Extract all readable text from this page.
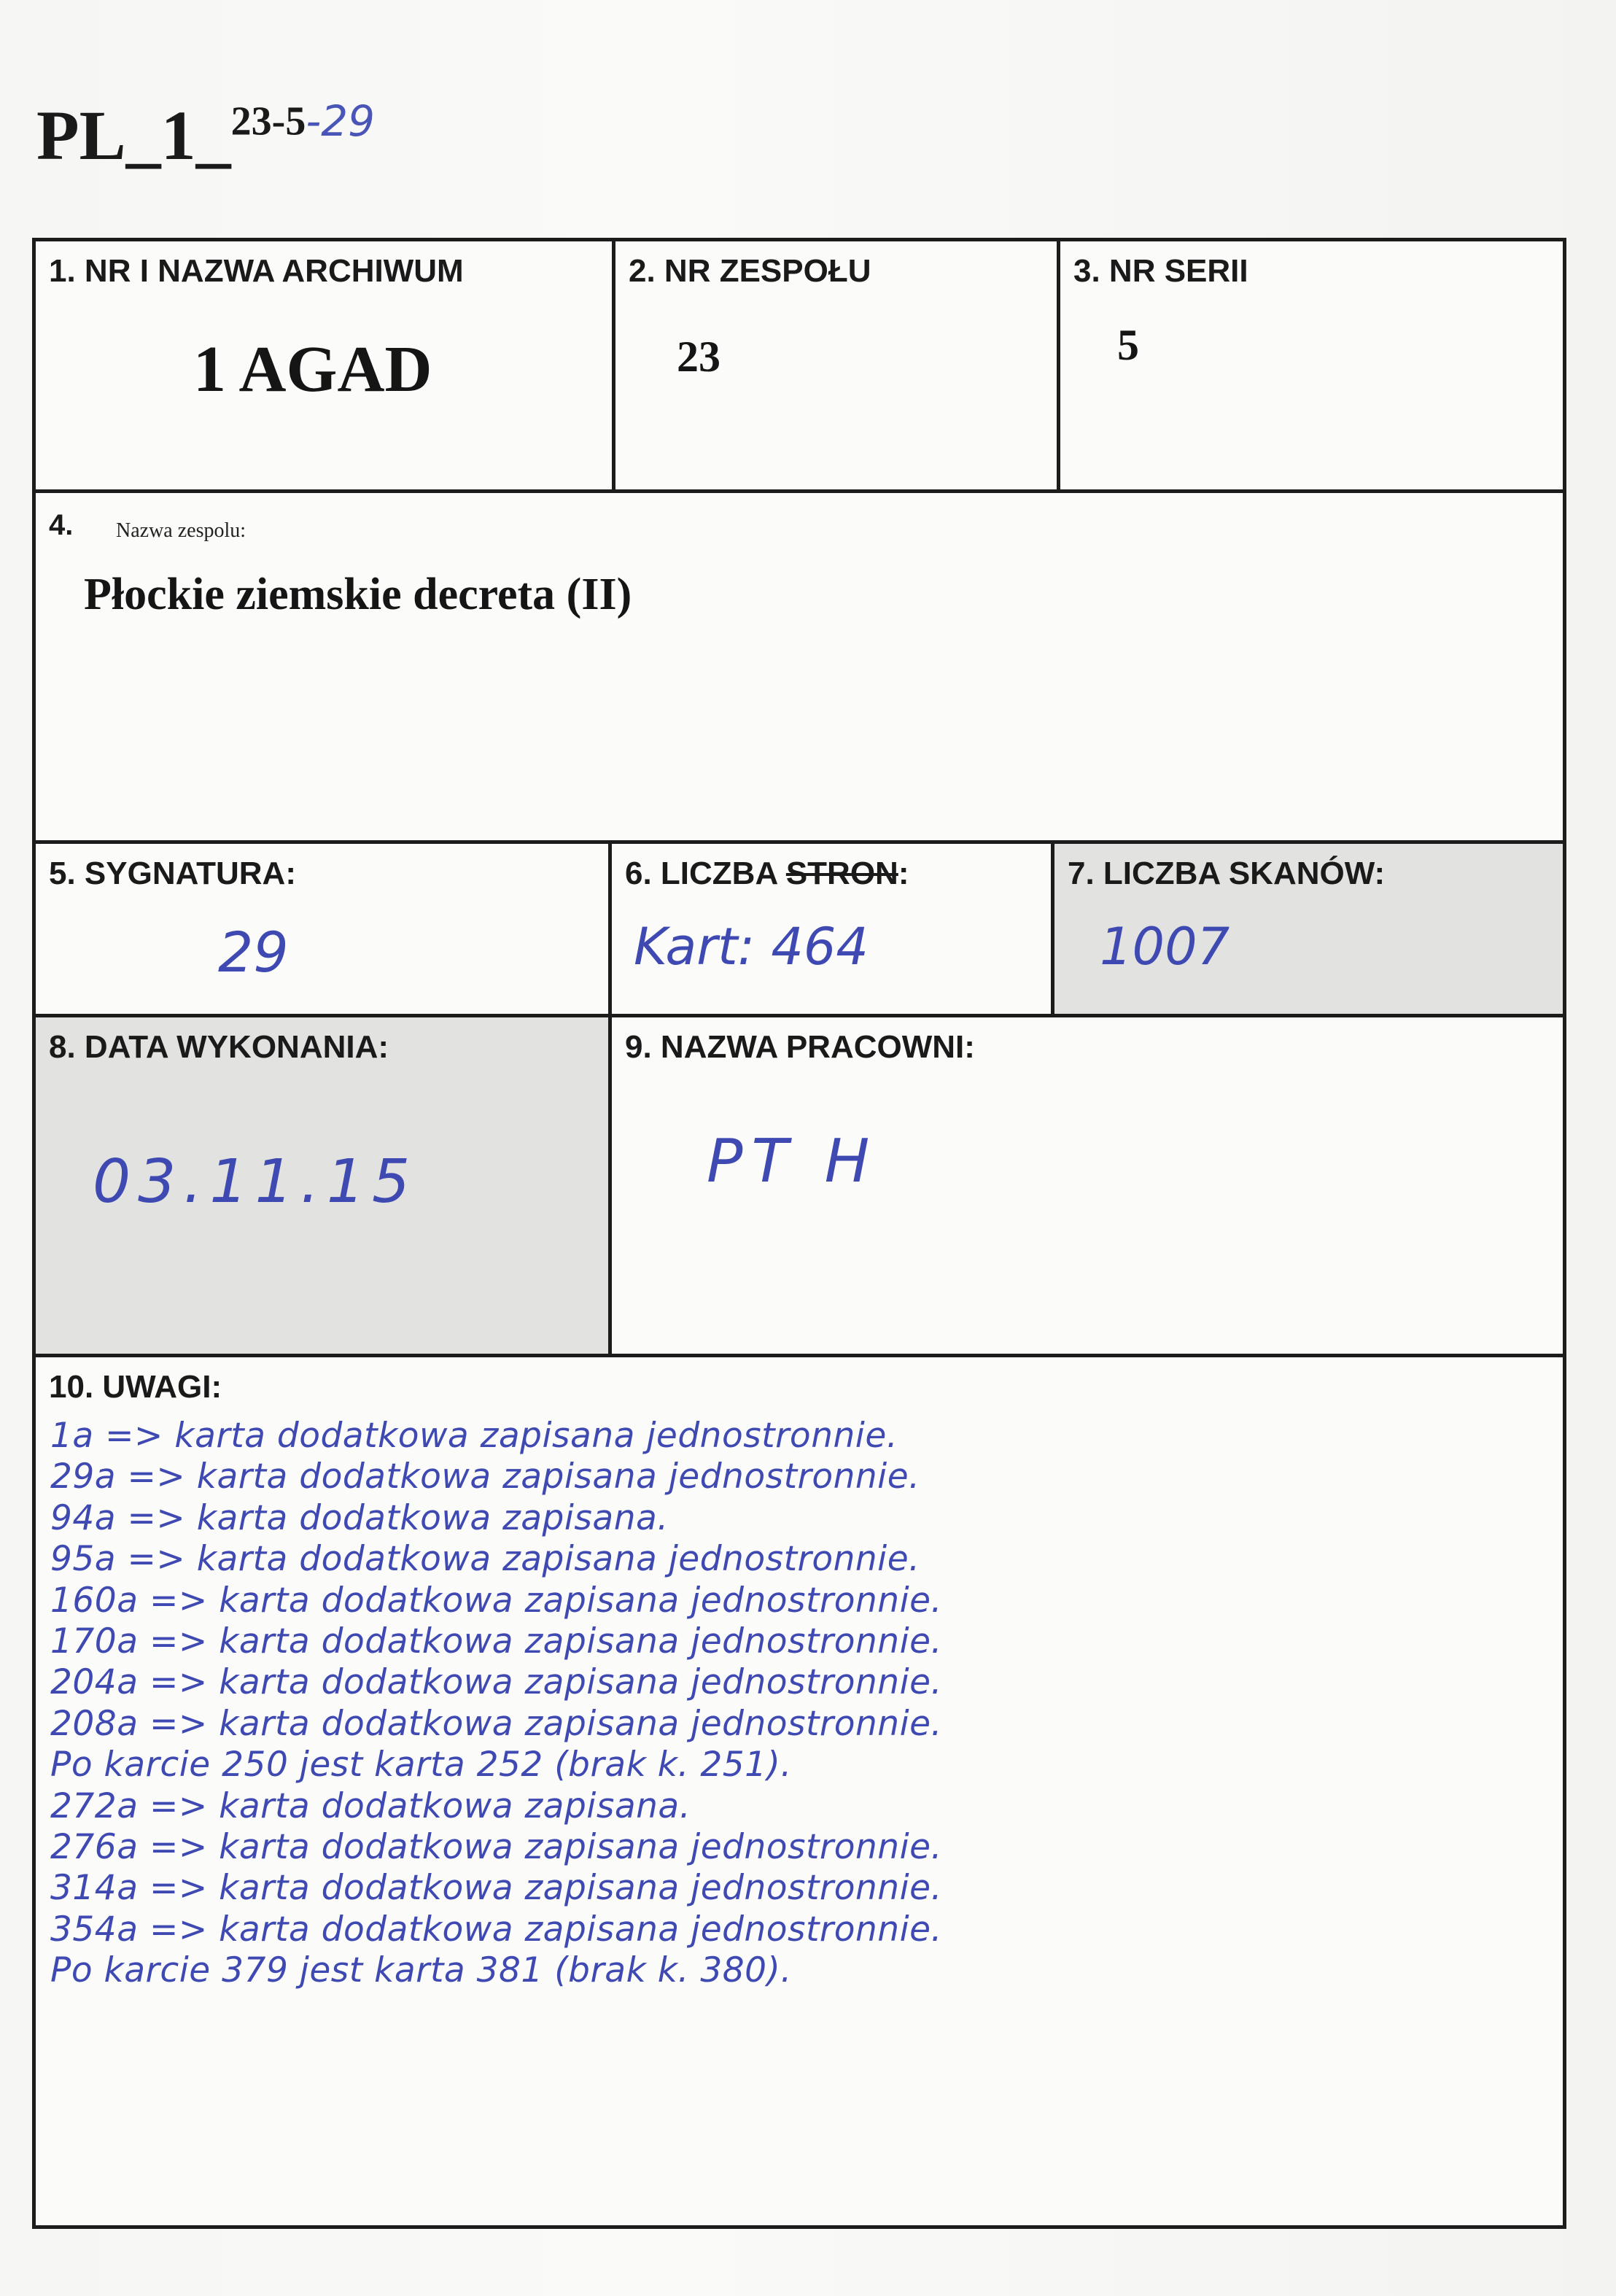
PL_1_$^{23-5-29}$
1. NR I NAZWA ARCHIWUM
1 AGAD
2. NR ZESPOŁU
23
3. NR SERII
5
4. Nazwa zespolu:
Płockie ziemskie decreta (II)
5. SYGNATURA:
29
6. LICZBA STRON:
Kart: 464
7. LICZBA SKANÓW:
1007
8. DATA WYKONANIA:
03.11.15
9. NAZWA PRACOWNI:
PT H
10. UWAGI:
1a => karta dodatkowa zapisana jednostronnie.
29a => karta dodatkowa zapisana jednostronnie.
94a => karta dodatkowa zapisana.
95a => karta dodatkowa zapisana jednostronnie.
160a => karta dodatkowa zapisana jednostronnie.
170a => karta dodatkowa zapisana jednostronnie.
204a => karta dodatkowa zapisana jednostronnie.
208a => karta dodatkowa zapisana jednostronnie.
Po karcie 250 jest karta 252 (brak k. 251).
272a => karta dodatkowa zapisana.
276a => karta dodatkowa zapisana jednostronnie.
314a => karta dodatkowa zapisana jednostronnie.
354a => karta dodatkowa zapisana jednostronnie.
Po karcie 379 jest karta 381 (brak k. 380).
